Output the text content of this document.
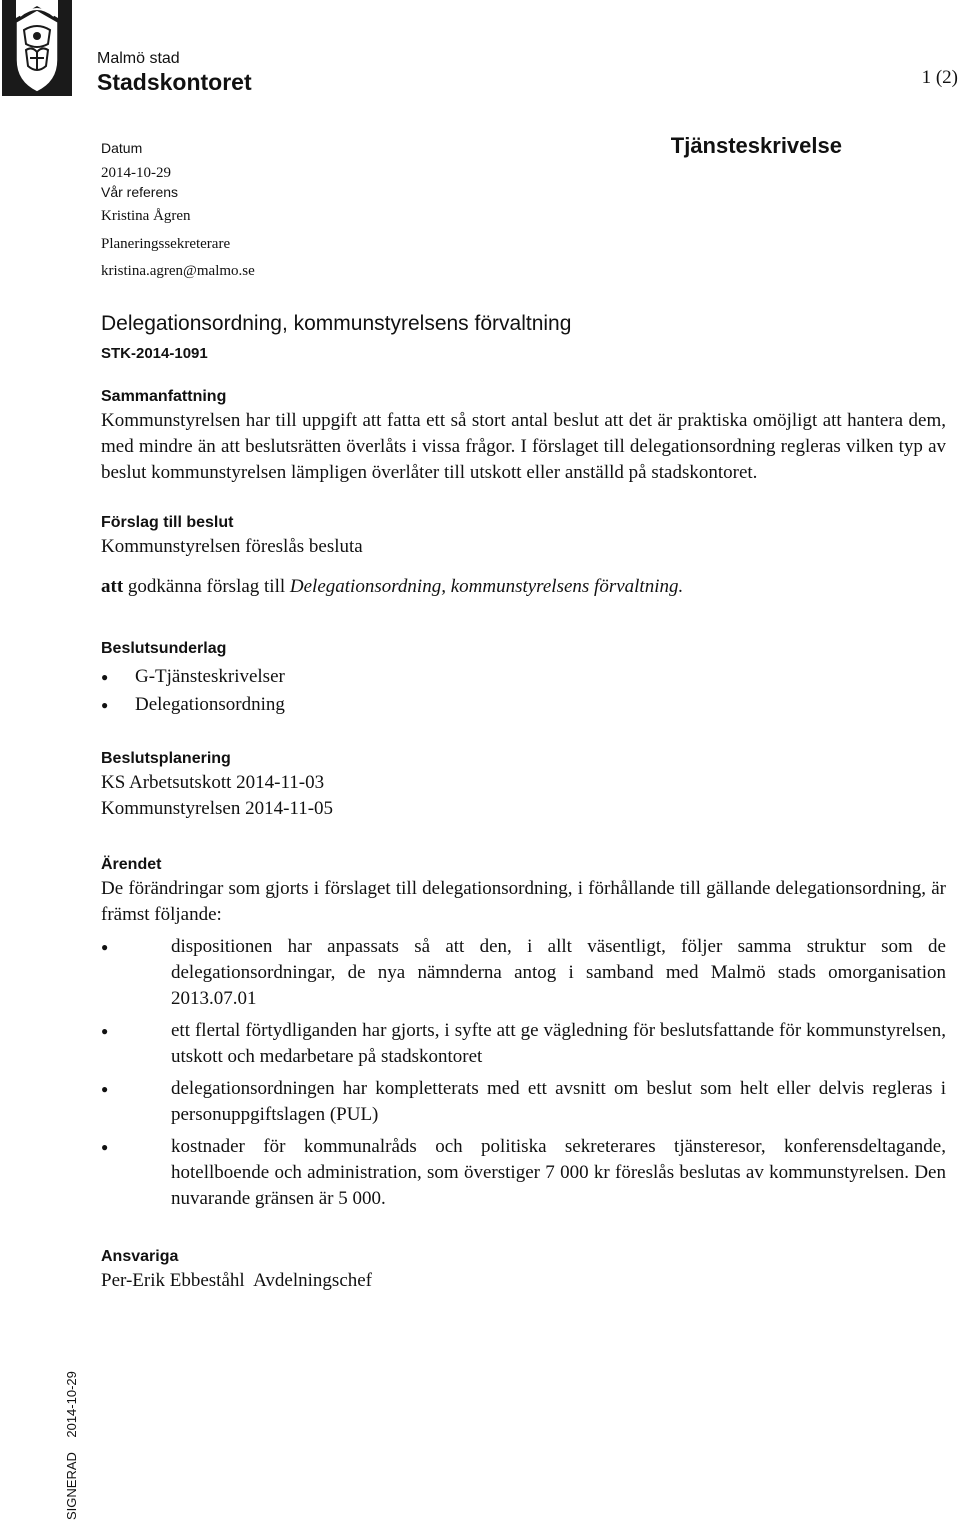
Malmö stad
Stadskontoret	1 (2)
Datum
2014-10-29
Vår referens
Kristina Ågren
Planeringssekreterare
kristina.agren@malmo.se
Tjänsteskrivelse
Delegationsordning, kommunstyrelsens förvaltning
STK-2014-1091
Sammanfattning

Kommunstyrelsen har till uppgift att fatta ett så stort antal beslut att det är praktiska omöjligt att hantera dem, med mindre än att beslutsrätten överlåts i vissa frågor. I förslaget till delegationsordning regleras vilken typ av beslut kommunstyrelsen lämpligen överlåter till utskott eller anställd på stadskontoret.

Förslag till beslut

Kommunstyrelsen föreslås besluta

att godkänna förslag till Delegationsordning, kommunstyrelsens förvaltning.

Beslutsunderlag
● G-Tjänsteskrivelser
● Delegationsordning
Beslutsplanering

KS Arbetsutskott 2014-11-03

Kommunstyrelsen 2014-11-05

Ärendet

De förändringar som gjorts i förslaget till delegationsordning, i förhållande till gällande delegationsordning, är främst följande:

● dispositionen har anpassats så att den, i allt väsentligt, följer samma struktur som de delegationsordningar, de nya nämnderna antog i samband med Malmö stads omorganisation 2013.07.01
● ett flertal förtydliganden har gjorts, i syfte att ge vägledning för beslutsfattande för kommunstyrelsen, utskott och medarbetare på stadskontoret
● delegationsordningen har kompletterats med ett avsnitt om beslut som helt eller delvis regleras i personuppgiftslagen (PUL)
● kostnader för kommunalråds och politiska sekreterares tjänsteresor, konferensdeltagande, hotellboende och administration, som överstiger 7 000 kr föreslås beslutas av kommunstyrelsen. Den nuvarande gränsen är 5 000.
Ansvariga

Per-Erik Ebbeståhl Avdelningschef

SIGNERAD    2014-10-29
